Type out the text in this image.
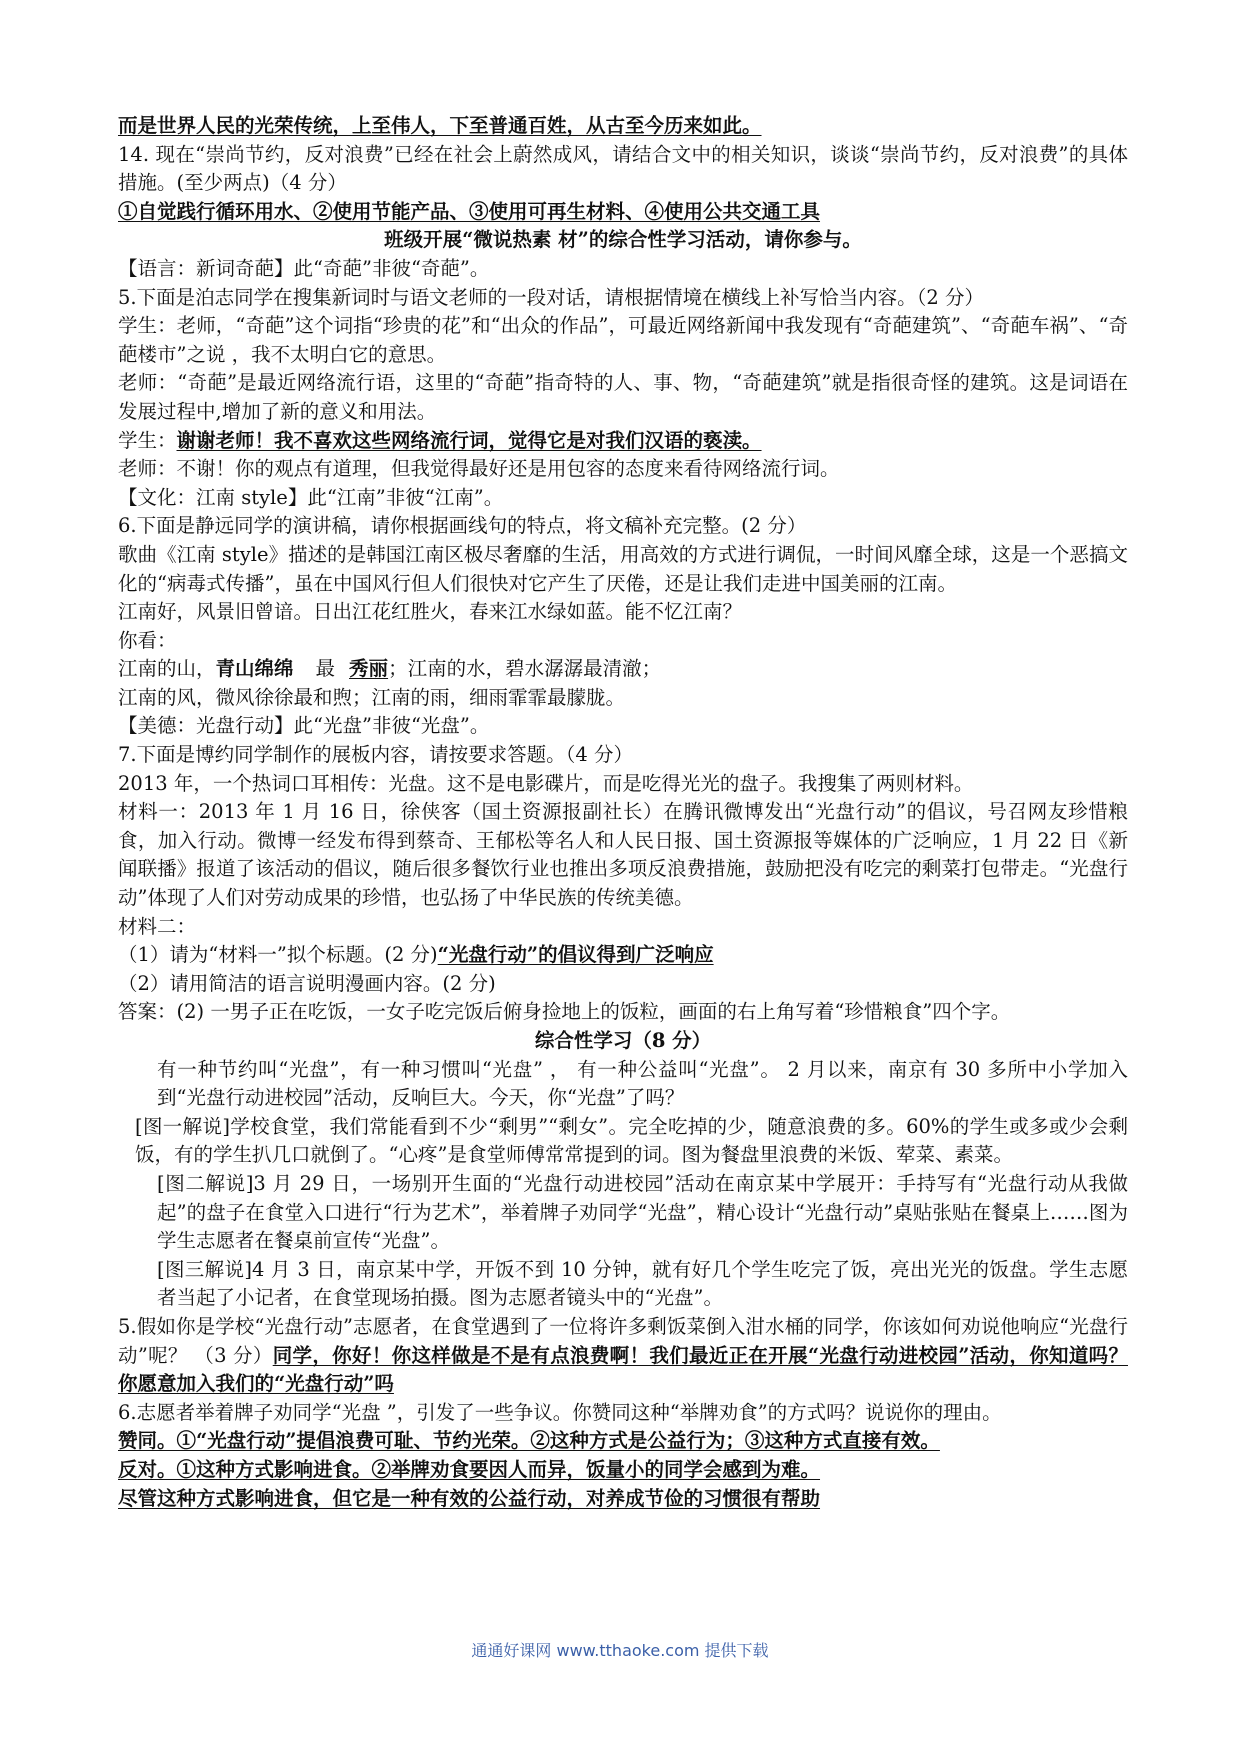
而是世界人民的光荣传统，上至伟人，下至普通百姓，从古至今历来如此。

14. 现在“崇尚节约，反对浪费”已经在社会上蔚然成风，请结合文中的相关知识，谈谈“崇尚节约，反对浪费”的具体措施。(至少两点)（4 分）

①自觉践行循环用水、②使用节能产品、③使用可再生材料、④使用公共交通工具

班级开展“微说热素 材”的综合性学习活动，请你参与。

【语言：新词奇葩】此“奇葩”非彼“奇葩”。

5.下面是泊志同学在搜集新词时与语文老师的一段对话，请根据情境在横线上补写恰当内容。（2 分）

学生：老师，“奇葩”这个词指“珍贵的花”和“出众的作品”，可最近网络新闻中我发现有“奇葩建筑”、“奇葩车祸”、“奇葩楼市”之说 ，我不太明白它的意思。

老师：“奇葩”是最近网络流行语，这里的“奇葩”指奇特的人、事、物，“奇葩建筑”就是指很奇怪的建筑。这是词语在发展过程中,增加了新的意义和用法。

学生：谢谢老师！我不喜欢这些网络流行词，觉得它是对我们汉语的亵渎。

老师：不谢！你的观点有道理，但我觉得最好还是用包容的态度来看待网络流行词。

【文化：江南 style】此“江南”非彼“江南”。

6.下面是静远同学的演讲稿，请你根据画线句的特点，将文稿补充完整。(2 分）

歌曲《江南 style》描述的是韩国江南区极尽奢靡的生活，用高效的方式进行调侃，一时间风靡全球，这是一个恶搞文化的“病毒式传播”，虽在中国风行但人们很快对它产生了厌倦，还是让我们走进中国美丽的江南。

江南好，风景旧曾谙。日出江花红胜火，春来江水绿如蓝。能不忆江南？

你看：

江南的山，青山绵绵 最 秀丽；江南的水，碧水潺潺最清澈；

江南的风，微风徐徐最和煦；江南的雨，细雨霏霏最朦胧。

【美德：光盘行动】此“光盘”非彼“光盘”。

7.下面是博约同学制作的展板内容，请按要求答题。（4 分）

2013 年，一个热词口耳相传：光盘。这不是电影碟片，而是吃得光光的盘子。我搜集了两则材料。

材料一：2013 年 1 月 16 日，徐侠客（国土资源报副社长）在腾讯微博发出“光盘行动”的倡议，号召网友珍惜粮食，加入行动。微博一经发布得到蔡奇、王郁松等名人和人民日报、国土资源报等媒体的广泛响应，1 月 22 日《新闻联播》报道了该活动的倡议，随后很多餐饮行业也推出多项反浪费措施，鼓励把没有吃完的剩菜打包带走。“光盘行动”体现了人们对劳动成果的珍惜，也弘扬了中华民族的传统美德。

材料二：

（1）请为“材料一”拟个标题。(2 分)“光盘行动”的倡议得到广泛响应

（2）请用简洁的语言说明漫画内容。(2 分)

答案：(2) 一男子正在吃饭，一女子吃完饭后俯身捡地上的饭粒，画面的右上角写着“珍惜粮食”四个字。

综合性学习（8 分）

有一种节约叫“光盘”，有一种习惯叫“光盘” ， 有一种公益叫“光盘”。 2 月以来，南京有 30 多所中小学加入到“光盘行动进校园”活动，反响巨大。今天，你“光盘”了吗？

[图一解说]学校食堂，我们常能看到不少“剩男”“剩女”。完全吃掉的少，随意浪费的多。60%的学生或多或少会剩饭，有的学生扒几口就倒了。“心疼”是食堂师傅常常提到的词。图为餐盘里浪费的米饭、荤菜、素菜。

[图二解说]3 月 29 日，一场别开生面的“光盘行动进校园”活动在南京某中学展开：手持写有“光盘行动从我做起”的盘子在食堂入口进行“行为艺术”，举着牌子劝同学“光盘”，精心设计“光盘行动”桌贴张贴在餐桌上……图为学生志愿者在餐桌前宣传“光盘”。

[图三解说]4 月 3 日，南京某中学，开饭不到 10 分钟，就有好几个学生吃完了饭，亮出光光的饭盘。学生志愿者当起了小记者，在食堂现场拍摄。图为志愿者镜头中的“光盘”。

5.假如你是学校“光盘行动”志愿者，在食堂遇到了一位将许多剩饭菜倒入泔水桶的同学，你该如何劝说他响应“光盘行动”呢？ （3 分）同学，你好！你这样做是不是有点浪费啊！我们最近正在开展“光盘行动进校园”活动，你知道吗？你愿意加入我们的“光盘行动”吗

6.志愿者举着牌子劝同学“光盘 ”，引发了一些争议。你赞同这种“举牌劝食”的方式吗？说说你的理由。

赞同。①“光盘行动”提倡浪费可耻、节约光荣。②这种方式是公益行为；③这种方式直接有效。

反对。①这种方式影响进食。②举牌劝食要因人而异，饭量小的同学会感到为难。

尽管这种方式影响进食，但它是一种有效的公益行动，对养成节俭的习惯很有帮助

通通好课网 www.tthaoke.com 提供下载
